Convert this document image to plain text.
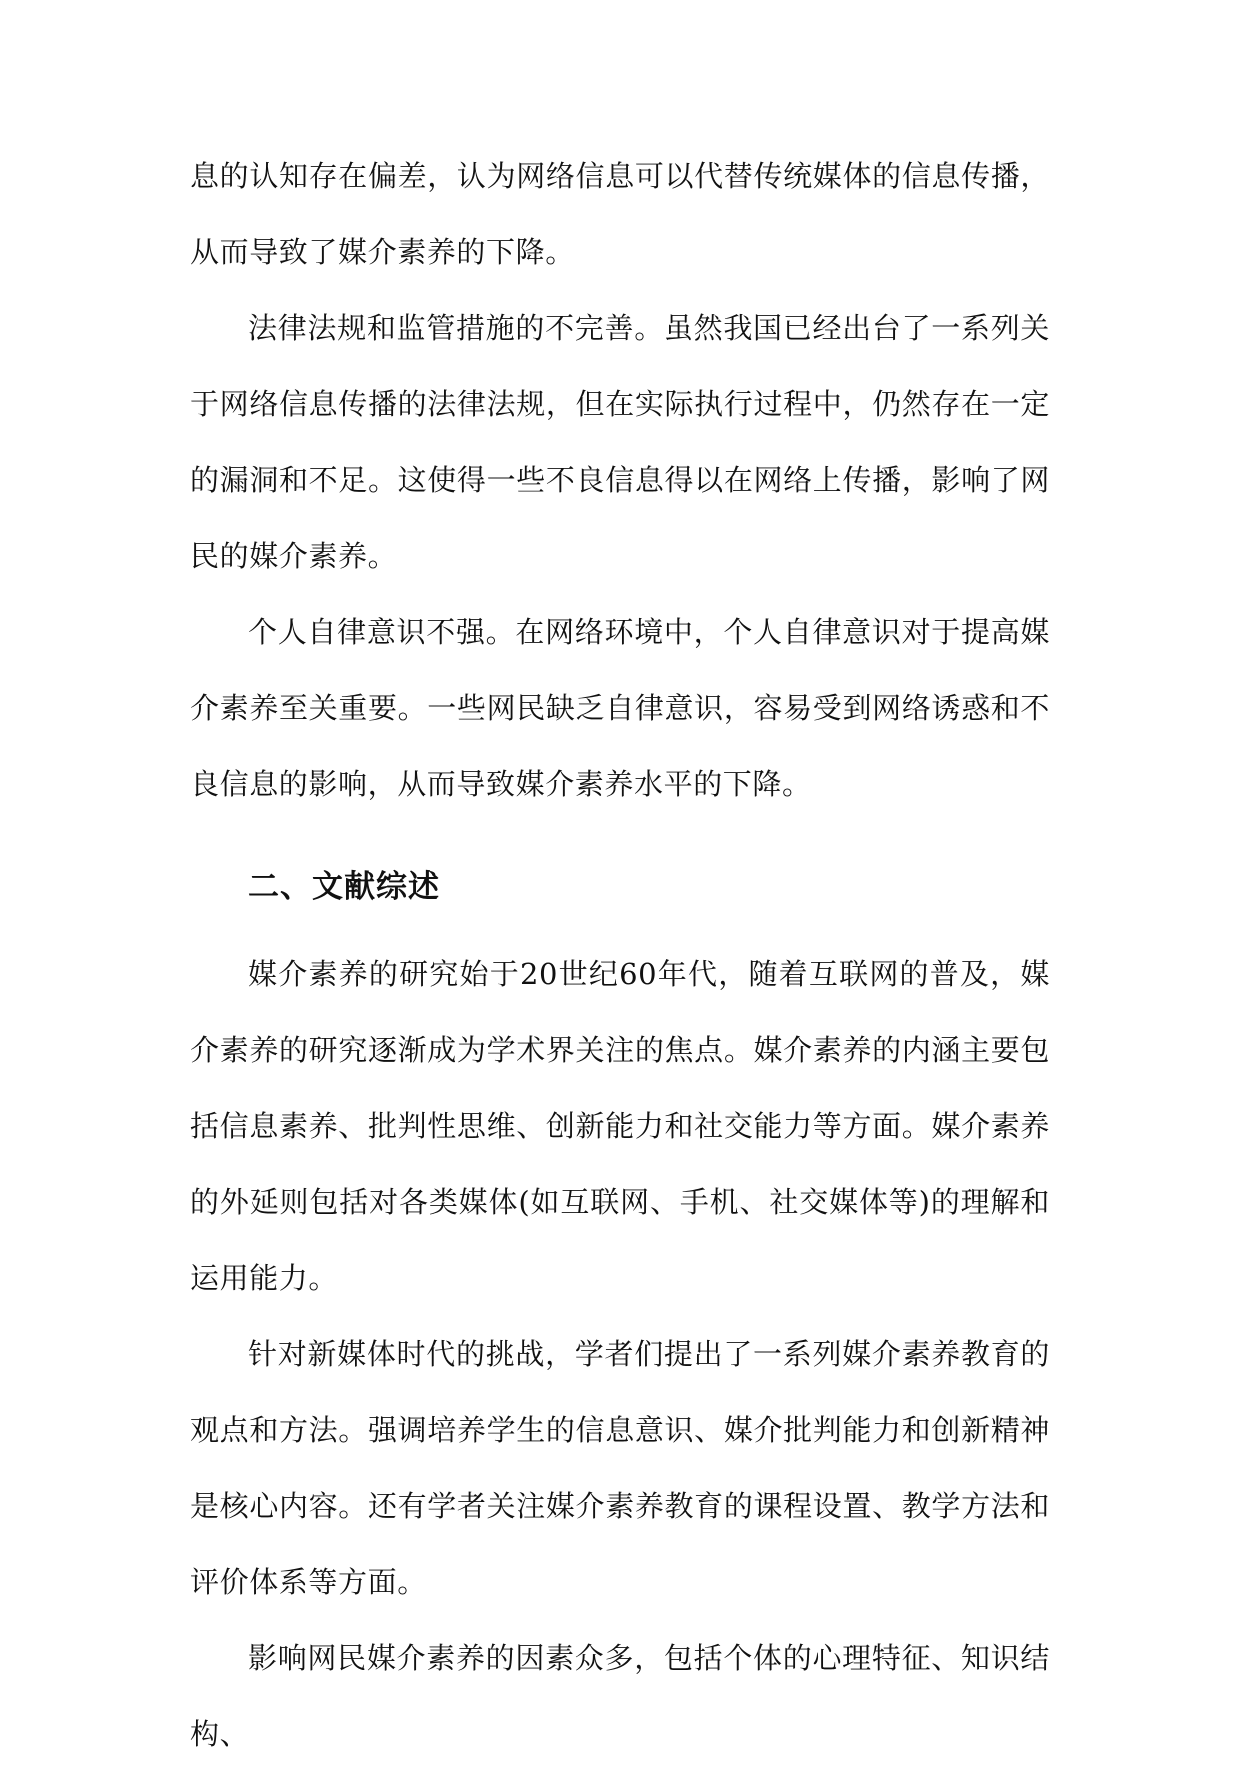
息的认知存在偏差，认为网络信息可以代替传统媒体的信息传播，从而导致了媒介素养的下降。

法律法规和监管措施的不完善。虽然我国已经出台了一系列关于网络信息传播的法律法规，但在实际执行过程中，仍然存在一定的漏洞和不足。这使得一些不良信息得以在网络上传播，影响了网民的媒介素养。

个人自律意识不强。在网络环境中，个人自律意识对于提高媒介素养至关重要。一些网民缺乏自律意识，容易受到网络诱惑和不良信息的影响，从而导致媒介素养水平的下降。

二、文献综述

媒介素养的研究始于20世纪60年代，随着互联网的普及，媒介素养的研究逐渐成为学术界关注的焦点。媒介素养的内涵主要包括信息素养、批判性思维、创新能力和社交能力等方面。媒介素养的外延则包括对各类媒体(如互联网、手机、社交媒体等)的理解和运用能力。

针对新媒体时代的挑战，学者们提出了一系列媒介素养教育的观点和方法。强调培养学生的信息意识、媒介批判能力和创新精神是核心内容。还有学者关注媒介素养教育的课程设置、教学方法和评价体系等方面。

影响网民媒介素养的因素众多，包括个体的心理特征、知识结构、
